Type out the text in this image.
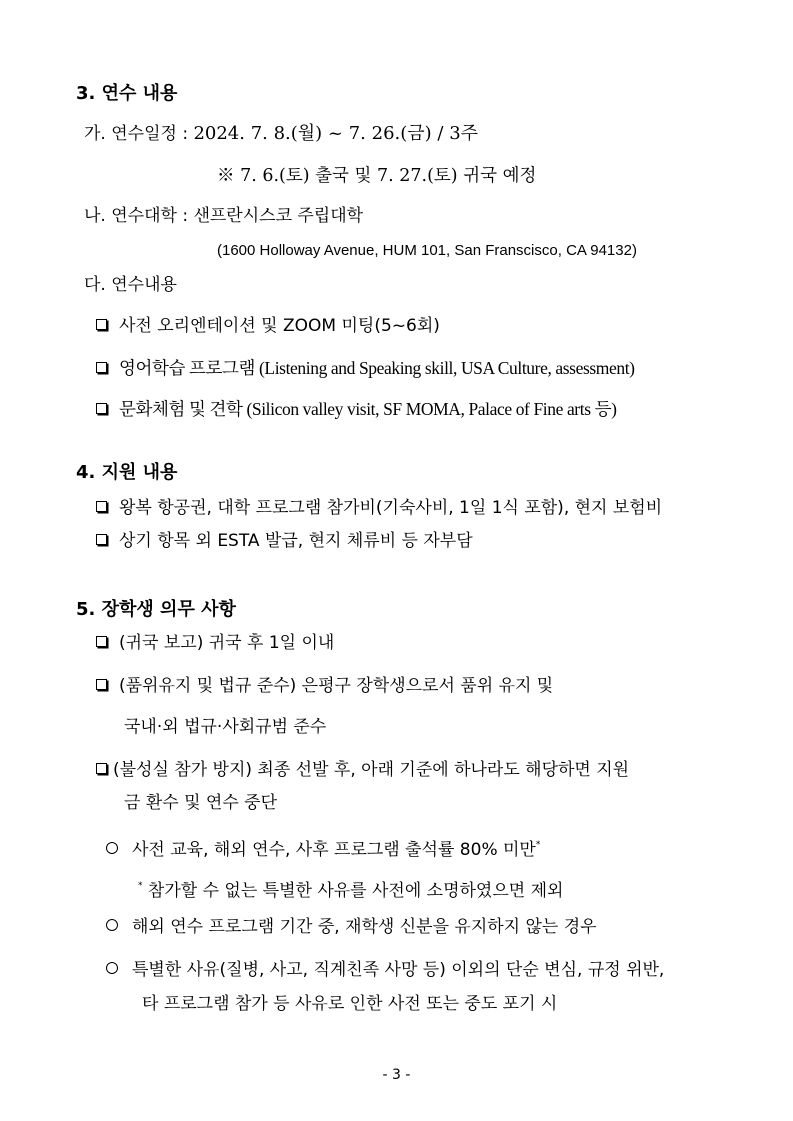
3. 연수 내용
가. 연수일정 : 2024. 7. 8.(월) ~ 7. 26.(금) / 3주
※ 7. 6.(토) 출국 및 7. 27.(토) 귀국 예정
나. 연수대학 : 샌프란시스코 주립대학
(1600 Holloway Avenue, HUM 101, San Franscisco, CA 94132)
다. 연수내용
사전 오리엔테이션 및 ZOOM 미팅(5~6회)
영어학습 프로그램 (Listening and Speaking skill, USA Culture, assessment)
문화체험 및 견학 (Silicon valley visit, SF MOMA, Palace of Fine arts 등)
4. 지원 내용
왕복 항공권, 대학 프로그램 참가비(기숙사비, 1일 1식 포함), 현지 보험비
상기 항목 외 ESTA 발급, 현지 체류비 등 자부담
5. 장학생 의무 사항
(귀국 보고) 귀국 후 1일 이내
(품위유지 및 법규 준수) 은평구 장학생으로서 품위 유지 및
국내·외 법규·사회규범 준수
(불성실 참가 방지) 최종 선발 후, 아래 기준에 하나라도 해당하면 지원
금 환수 및 연수 중단
사전 교육, 해외 연수, 사후 프로그램 출석률 80% 미만*
* 참가할 수 없는 특별한 사유를 사전에 소명하였으면 제외
해외 연수 프로그램 기간 중, 재학생 신분을 유지하지 않는 경우
특별한 사유(질병, 사고, 직계친족 사망 등) 이외의 단순 변심, 규정 위반,
타 프로그램 참가 등 사유로 인한 사전 또는 중도 포기 시
- 3 -
